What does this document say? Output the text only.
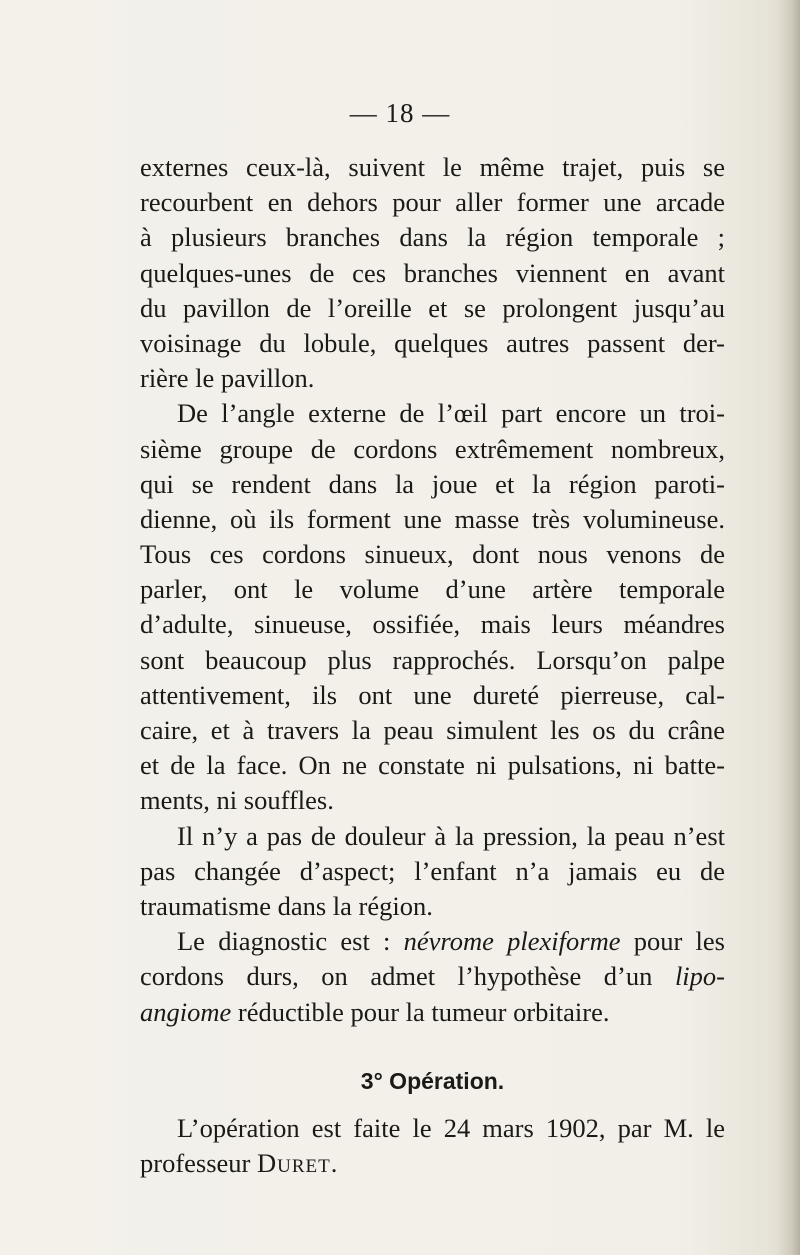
— 18 —
externes ceux-là, suivent le même trajet, puis se
recourbent en dehors pour aller former une arcade
à plusieurs branches dans la région temporale ;
quelques-unes de ces branches viennent en avant
du pavillon de l’oreille et se prolongent jusqu’au
voisinage du lobule, quelques autres passent der-
rière le pavillon.
De l’angle externe de l’œil part encore un troi-
sième groupe de cordons extrêmement nombreux,
qui se rendent dans la joue et la région paroti-
dienne, où ils forment une masse très volumineuse.
Tous ces cordons sinueux, dont nous venons de
parler, ont le volume d’une artère temporale
d’adulte, sinueuse, ossifiée, mais leurs méandres
sont beaucoup plus rapprochés. Lorsqu’on palpe
attentivement, ils ont une dureté pierreuse, cal-
caire, et à travers la peau simulent les os du crâne
et de la face. On ne constate ni pulsations, ni batte-
ments, ni souffles.
Il n’y a pas de douleur à la pression, la peau n’est
pas changée d’aspect; l’enfant n’a jamais eu de
traumatisme dans la région.
Le diagnostic est : névrome plexiforme pour les
cordons durs, on admet l’hypothèse d’un lipo-
angiome réductible pour la tumeur orbitaire.
3° Opération.
L’opération est faite le 24 mars 1902, par M. le
professeur Duret.
